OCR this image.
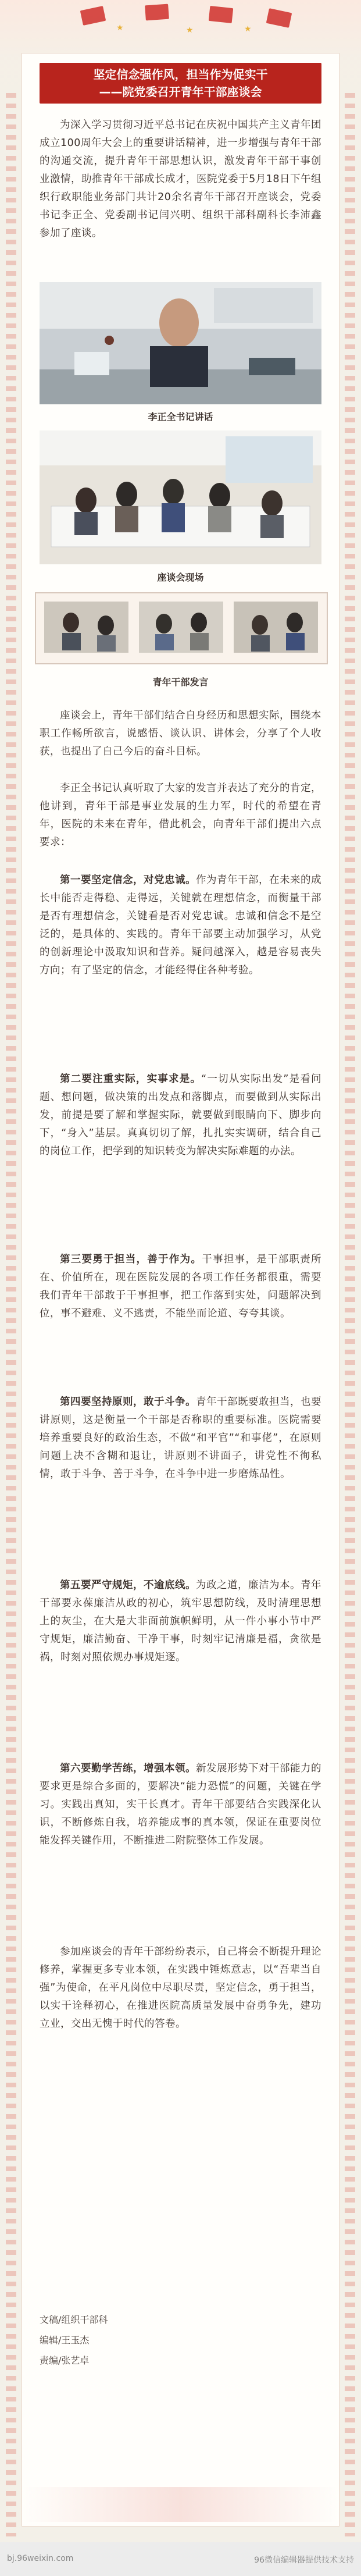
★	★	★
坚定信念强作风，担当作为促实干
——院党委召开青年干部座谈会

为深入学习贯彻习近平总书记在庆祝中国共产主义青年团成立100周年大会上的重要讲话精神，进一步增强与青年干部的沟通交流，提升青年干部思想认识，激发青年干部干事创业激情，助推青年干部成长成才，医院党委于5月18日下午组织行政职能业务部门共计20余名青年干部召开座谈会，党委书记李正全、党委副书记闫兴明、组织干部科副科长李沛鑫参加了座谈。

李正全书记讲话
座谈会现场
青年干部发言

座谈会上，青年干部们结合自身经历和思想实际，围绕本职工作畅所欲言，说感悟、谈认识、讲体会，分享了个人收获，也提出了自己今后的奋斗目标。

李正全书记认真听取了大家的发言并表达了充分的肯定，他讲到，青年干部是事业发展的生力军，时代的希望在青年，医院的未来在青年，借此机会，向青年干部们提出六点要求：

第一要坚定信念，对党忠诚。作为青年干部，在未来的成长中能否走得稳、走得远，关键就在理想信念，而衡量干部是否有理想信念，关键看是否对党忠诚。忠诚和信念不是空泛的，是具体的、实践的。青年干部要主动加强学习，从党的创新理论中汲取知识和营养。疑问越深入，越是容易丧失方向；有了坚定的信念，才能经得住各种考验。

第二要注重实际，实事求是。“一切从实际出发”是看问题、想问题，做决策的出发点和落脚点，而要做到从实际出发，前提是要了解和掌握实际，就要做到眼睛向下、脚步向下，“身入”基层。真真切切了解，扎扎实实调研，结合自己的岗位工作，把学到的知识转变为解决实际难题的办法。

第三要勇于担当，善于作为。干事担事，是干部职责所在、价值所在，现在医院发展的各项工作任务都很重，需要我们青年干部敢于干事担事，把工作落到实处，问题解决到位，事不避难、义不逃责，不能坐而论道、夸夸其谈。

第四要坚持原则，敢于斗争。青年干部既要敢担当，也要讲原则，这是衡量一个干部是否称职的重要标准。医院需要培养重要良好的政治生态，不做“和平官”“和事佬”，在原则问题上决不含糊和退让，讲原则不讲面子，讲党性不徇私情，敢于斗争、善于斗争，在斗争中进一步磨炼品性。

第五要严守规矩，不逾底线。为政之道，廉洁为本。青年干部要永葆廉洁从政的初心，筑牢思想防线，及时清理思想上的灰尘，在大是大非面前旗帜鲜明，从一件小事小节中严守规矩，廉洁勤奋、干净干事，时刻牢记清廉是福，贪欲是祸，时刻对照依规办事规矩逐。

第六要勤学苦练，增强本领。新发展形势下对干部能力的要求更是综合多面的，要解决“能力恐慌”的问题，关键在学习。实践出真知，实干长真才。青年干部要结合实践深化认识，不断修炼自我，培养能成事的真本领，保证在重要岗位能发挥关键作用，不断推进二附院整体工作发展。

参加座谈会的青年干部纷纷表示，自己将会不断提升理论修养，掌握更多专业本领，在实践中锤炼意志，以“吾辈当自强”为使命，在平凡岗位中尽职尽责，坚定信念，勇于担当，以实干诠释初心，在推进医院高质量发展中奋勇争先，建功立业，交出无愧于时代的答卷。

文稿/组织干部科
编辑/王玉杰
责编/张艺卓
bj.96weixin.com	96微信编辑器提供技术支持
